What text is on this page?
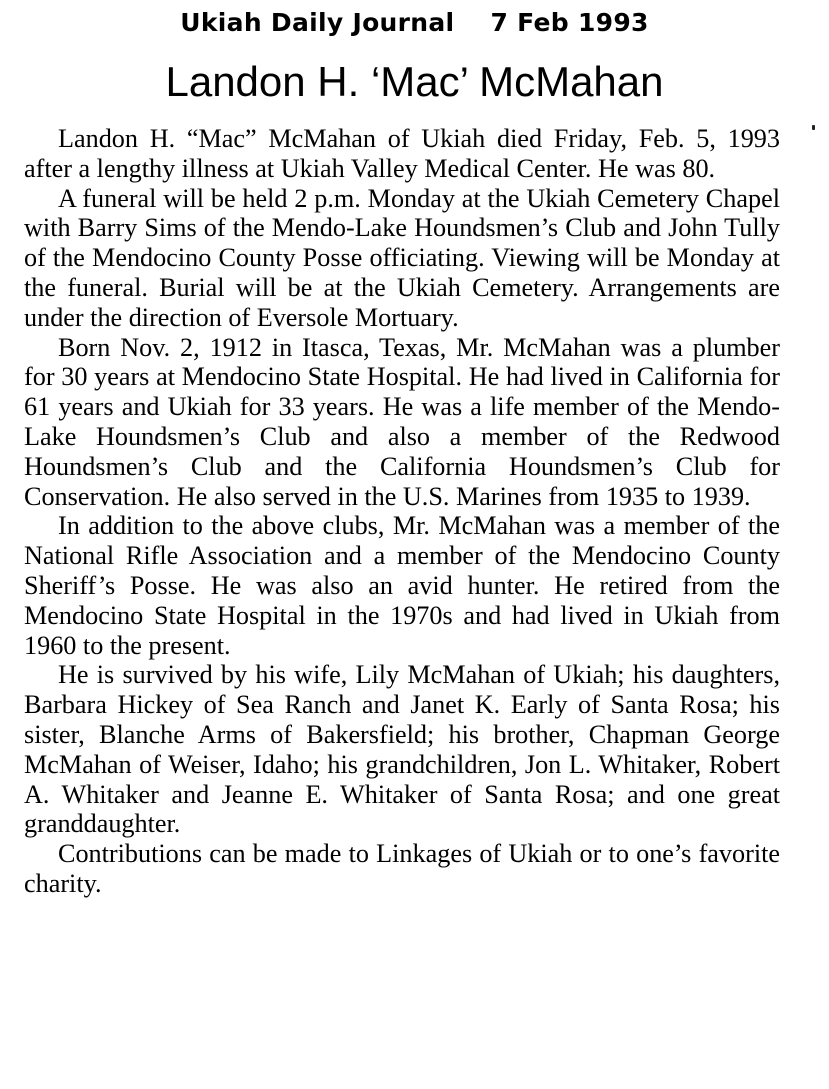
Ukiah Daily Journal 7 Feb 1993
Landon H. ‘Mac’ McMahan

Landon H. “Mac” McMahan of Ukiah died Friday, Feb. 5, 1993 after a lengthy illness at Ukiah Valley Medical Center. He was 80.

A funeral will be held 2 p.m. Monday at the Ukiah Cemetery Chapel with Barry Sims of the Mendo-Lake Houndsmen’s Club and John Tully of the Mendocino County Posse officiating. Viewing will be Monday at the funeral. Burial will be at the Ukiah Cemetery. Arrangements are under the direction of Eversole Mortuary.

Born Nov. 2, 1912 in Itasca, Texas, Mr. McMahan was a plumber for 30 years at Mendocino State Hospital. He had lived in California for 61 years and Ukiah for 33 years. He was a life member of the Mendo-Lake Houndsmen’s Club and also a member of the Redwood Houndsmen’s Club and the California Houndsmen’s Club for Conservation. He also served in the U.S. Marines from 1935 to 1939.

In addition to the above clubs, Mr. McMahan was a member of the National Rifle Association and a member of the Mendocino County Sheriff’s Posse. He was also an avid hunter. He retired from the Mendocino State Hospital in the 1970s and had lived in Ukiah from 1960 to the present.

He is survived by his wife, Lily McMahan of Ukiah; his daughters, Barbara Hickey of Sea Ranch and Janet K. Early of Santa Rosa; his sister, Blanche Arms of Bakersfield; his brother, Chapman George McMahan of Weiser, Idaho; his grandchildren, Jon L. Whitaker, Robert A. Whitaker and Jeanne E. Whitaker of Santa Rosa; and one great granddaughter.

Contributions can be made to Linkages of Ukiah or to one’s favorite charity.
